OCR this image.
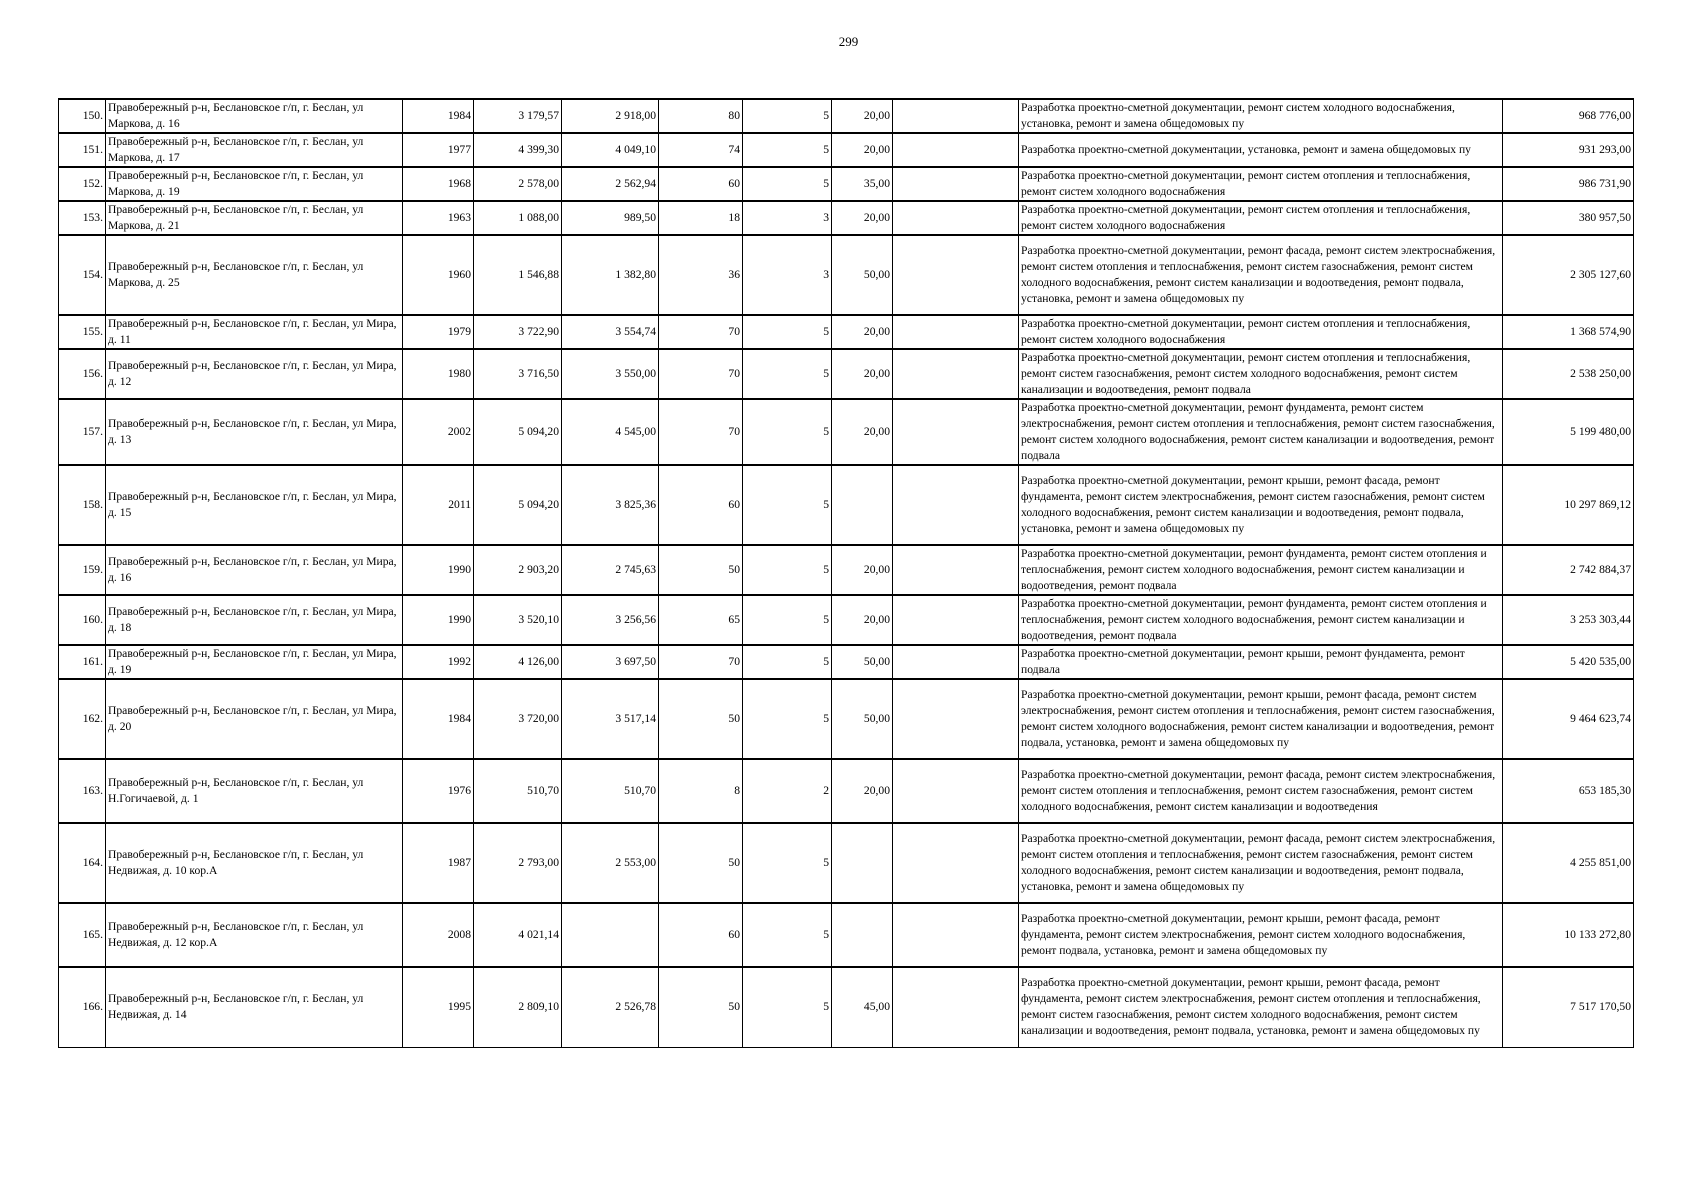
299
150.	Правобережный р-н, Беслановское г/п, г. Беслан, ул Маркова, д. 16	1984	3 179,57	2 918,00	80	5	20,00		Разработка проектно-сметной документации, ремонт систем холодного водоснабжения, установка, ремонт и замена общедомовых пу	968 776,00
151.	Правобережный р-н, Беслановское г/п, г. Беслан, ул Маркова, д. 17	1977	4 399,30	4 049,10	74	5	20,00		Разработка проектно-сметной документации, установка, ремонт и замена общедомовых пу	931 293,00
152.	Правобережный р-н, Беслановское г/п, г. Беслан, ул Маркова, д. 19	1968	2 578,00	2 562,94	60	5	35,00		Разработка проектно-сметной документации, ремонт систем отопления и теплоснабжения, ремонт систем холодного водоснабжения	986 731,90
153.	Правобережный р-н, Беслановское г/п, г. Беслан, ул Маркова, д. 21	1963	1 088,00	989,50	18	3	20,00		Разработка проектно-сметной документации, ремонт систем отопления и теплоснабжения, ремонт систем холодного водоснабжения	380 957,50
154.	Правобережный р-н, Беслановское г/п, г. Беслан, ул Маркова, д. 25	1960	1 546,88	1 382,80	36	3	50,00		Разработка проектно-сметной документации, ремонт фасада, ремонт систем электроснабжения, ремонт систем отопления и теплоснабжения, ремонт систем газоснабжения, ремонт систем холодного водоснабжения, ремонт систем канализации и водоотведения, ремонт подвала, установка, ремонт и замена общедомовых пу	2 305 127,60
155.	Правобережный р-н, Беслановское г/п, г. Беслан, ул Мира, д. 11	1979	3 722,90	3 554,74	70	5	20,00		Разработка проектно-сметной документации, ремонт систем отопления и теплоснабжения, ремонт систем холодного водоснабжения	1 368 574,90
156.	Правобережный р-н, Беслановское г/п, г. Беслан, ул Мира, д. 12	1980	3 716,50	3 550,00	70	5	20,00		Разработка проектно-сметной документации, ремонт систем отопления и теплоснабжения, ремонт систем газоснабжения, ремонт систем холодного водоснабжения, ремонт систем канализации и водоотведения, ремонт подвала	2 538 250,00
157.	Правобережный р-н, Беслановское г/п, г. Беслан, ул Мира, д. 13	2002	5 094,20	4 545,00	70	5	20,00		Разработка проектно-сметной документации, ремонт фундамента, ремонт систем электроснабжения, ремонт систем отопления и теплоснабжения, ремонт систем газоснабжения, ремонт систем холодного водоснабжения, ремонт систем канализации и водоотведения, ремонт подвала	5 199 480,00
158.	Правобережный р-н, Беслановское г/п, г. Беслан, ул Мира, д. 15	2011	5 094,20	3 825,36	60	5			Разработка проектно-сметной документации, ремонт крыши, ремонт фасада, ремонт фундамента, ремонт систем электроснабжения, ремонт систем газоснабжения, ремонт систем холодного водоснабжения, ремонт систем канализации и водоотведения, ремонт подвала, установка, ремонт и замена общедомовых пу	10 297 869,12
159.	Правобережный р-н, Беслановское г/п, г. Беслан, ул Мира, д. 16	1990	2 903,20	2 745,63	50	5	20,00		Разработка проектно-сметной документации, ремонт фундамента, ремонт систем отопления и теплоснабжения, ремонт систем холодного водоснабжения, ремонт систем канализации и водоотведения, ремонт подвала	2 742 884,37
160.	Правобережный р-н, Беслановское г/п, г. Беслан, ул Мира, д. 18	1990	3 520,10	3 256,56	65	5	20,00		Разработка проектно-сметной документации, ремонт фундамента, ремонт систем отопления и теплоснабжения, ремонт систем холодного водоснабжения, ремонт систем канализации и водоотведения, ремонт подвала	3 253 303,44
161.	Правобережный р-н, Беслановское г/п, г. Беслан, ул Мира, д. 19	1992	4 126,00	3 697,50	70	5	50,00		Разработка проектно-сметной документации, ремонт крыши, ремонт фундамента, ремонт подвала	5 420 535,00
162.	Правобережный р-н, Беслановское г/п, г. Беслан, ул Мира, д. 20	1984	3 720,00	3 517,14	50	5	50,00		Разработка проектно-сметной документации, ремонт крыши, ремонт фасада, ремонт систем электроснабжения, ремонт систем отопления и теплоснабжения, ремонт систем газоснабжения, ремонт систем холодного водоснабжения, ремонт систем канализации и водоотведения, ремонт подвала, установка, ремонт и замена общедомовых пу	9 464 623,74
163.	Правобережный р-н, Беслановское г/п, г. Беслан, ул Н.Гогичаевой, д. 1	1976	510,70	510,70	8	2	20,00		Разработка проектно-сметной документации, ремонт фасада, ремонт систем электроснабжения, ремонт систем отопления и теплоснабжения, ремонт систем газоснабжения, ремонт систем холодного водоснабжения, ремонт систем канализации и водоотведения	653 185,30
164.	Правобережный р-н, Беслановское г/п, г. Беслан, ул Недвижая, д. 10 кор.А	1987	2 793,00	2 553,00	50	5			Разработка проектно-сметной документации, ремонт фасада, ремонт систем электроснабжения, ремонт систем отопления и теплоснабжения, ремонт систем газоснабжения, ремонт систем холодного водоснабжения, ремонт систем канализации и водоотведения, ремонт подвала, установка, ремонт и замена общедомовых пу	4 255 851,00
165.	Правобережный р-н, Беслановское г/п, г. Беслан, ул Недвижая, д. 12 кор.А	2008	4 021,14		60	5			Разработка проектно-сметной документации, ремонт крыши, ремонт фасада, ремонт фундамента, ремонт систем электроснабжения, ремонт систем холодного водоснабжения, ремонт подвала, установка, ремонт и замена общедомовых пу	10 133 272,80
166.	Правобережный р-н, Беслановское г/п, г. Беслан, ул Недвижая, д. 14	1995	2 809,10	2 526,78	50	5	45,00		Разработка проектно-сметной документации, ремонт крыши, ремонт фасада, ремонт фундамента, ремонт систем электроснабжения, ремонт систем отопления и теплоснабжения, ремонт систем газоснабжения, ремонт систем холодного водоснабжения, ремонт систем канализации и водоотведения, ремонт подвала, установка, ремонт и замена общедомовых пу	7 517 170,50
